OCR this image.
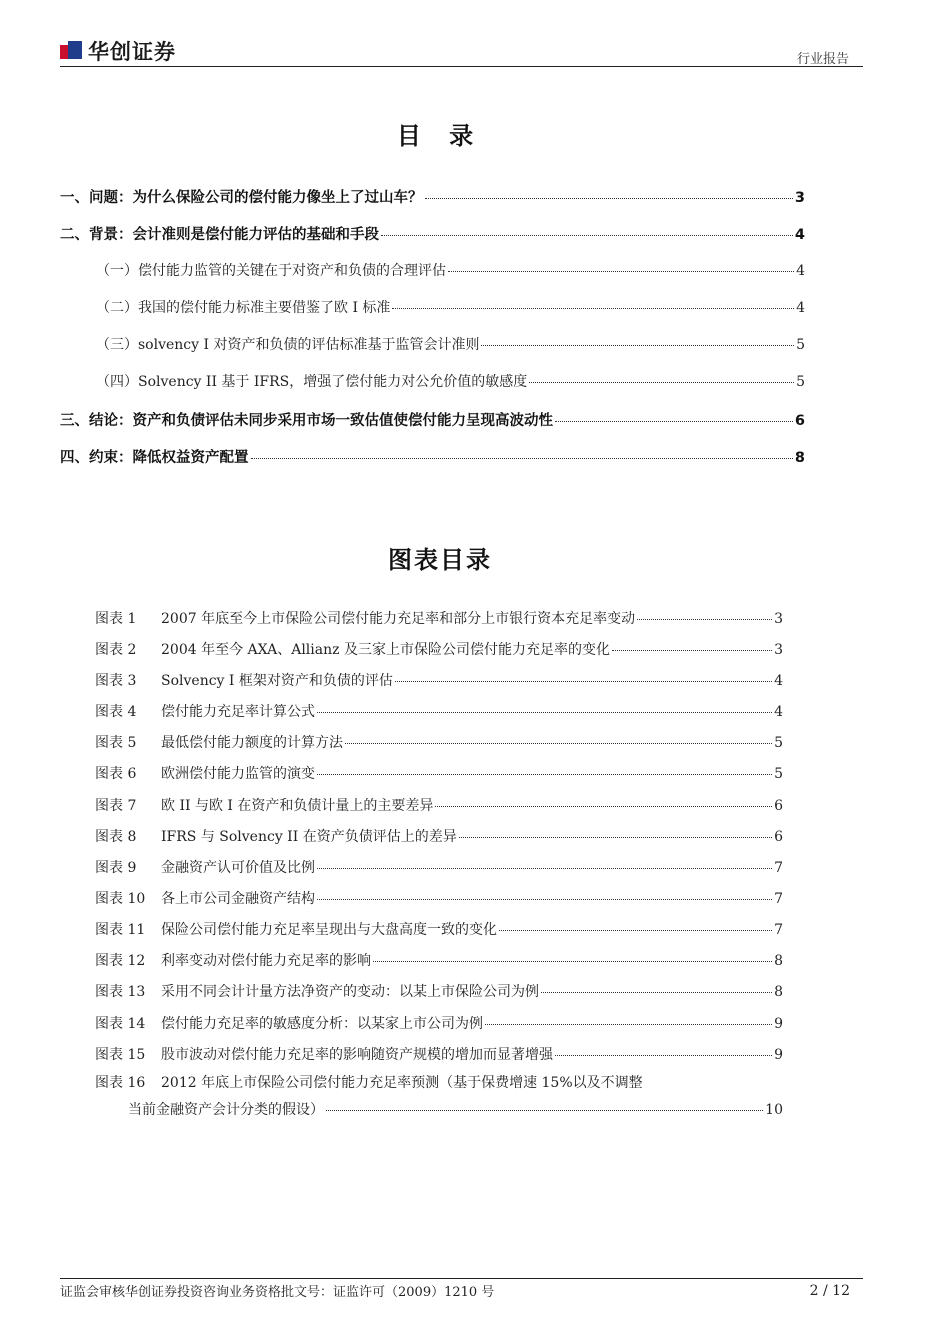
华创证券	行业报告
目 录
一、问题：为什么保险公司的偿付能力像坐上了过山车？	3
二、背景：会计准则是偿付能力评估的基础和手段	4
（一）偿付能力监管的关键在于对资产和负债的合理评估	4
（二）我国的偿付能力标准主要借鉴了欧 I 标准	4
（三）solvency I 对资产和负债的评估标准基于监管会计准则	5
（四）Solvency II 基于 IFRS，增强了偿付能力对公允价值的敏感度	5
三、结论：资产和负债评估未同步采用市场一致估值使偿付能力呈现高波动性	6
四、约束：降低权益资产配置	8
图表目录
图表 1 2007 年底至今上市保险公司偿付能力充足率和部分上市银行资本充足率变动	3
图表 2 2004 年至今 AXA、Allianz 及三家上市保险公司偿付能力充足率的变化	3
图表 3 Solvency I 框架对资产和负债的评估	4
图表 4 偿付能力充足率计算公式	4
图表 5 最低偿付能力额度的计算方法	5
图表 6 欧洲偿付能力监管的演变	5
图表 7 欧 II 与欧 I 在资产和负债计量上的主要差异	6
图表 8 IFRS 与 Solvency II 在资产负债评估上的差异	6
图表 9 金融资产认可价值及比例	7
图表 10 各上市公司金融资产结构	7
图表 11 保险公司偿付能力充足率呈现出与大盘高度一致的变化	7
图表 12 利率变动对偿付能力充足率的影响	8
图表 13 采用不同会计计量方法净资产的变动：以某上市保险公司为例	8
图表 14 偿付能力充足率的敏感度分析：以某家上市公司为例	9
图表 15 股市波动对偿付能力充足率的影响随资产规模的增加而显著增强	9
图表 16 2012 年底上市保险公司偿付能力充足率预测（基于保费增速 15%以及不调整
当前金融资产会计分类的假设）	10
证监会审核华创证券投资咨询业务资格批文号：证监许可（2009）1210 号	2 / 12
